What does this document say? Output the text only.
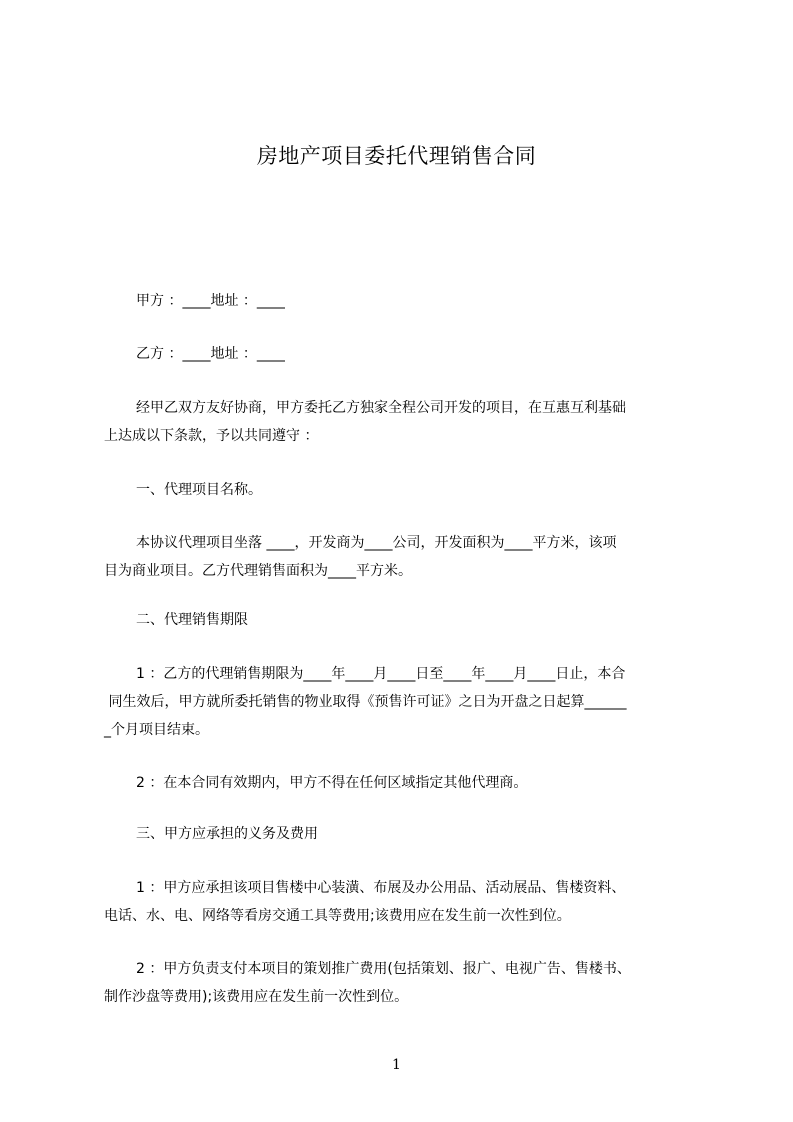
房地产项目委托代理销售合同
甲方 ：____地址 ：____
乙方 ：____地址 ：____
经甲乙双方友好协商，甲方委托乙方独家全程公司开发的项目，在互惠互利基础
上达成以下条款，予以共同遵守 ：
一、代理项目名称。
本协议代理项目坐落 ____，开发商为____公司，开发面积为____平方米，该项
目为商业项目。乙方代理销售面积为____平方米。
二、代理销售期限
1 ：乙方的代理销售期限为____年____月____日至____年____月____日止，本合
同生效后，甲方就所委托销售的物业取得《预售许可证》之日为开盘之日起算______
_个月项目结束。
2 ：在本合同有效期内，甲方不得在任何区域指定其他代理商。
三、甲方应承担的义务及费用
1 ：甲方应承担该项目售楼中心装潢、布展及办公用品、活动展品、售楼资料、
电话、水、电、网络等看房交通工具等费用;该费用应在发生前一次性到位。
2 ：甲方负责支付本项目的策划推广费用(包括策划、报广、电视广告、售楼书、
制作沙盘等费用);该费用应在发生前一次性到位。
1
